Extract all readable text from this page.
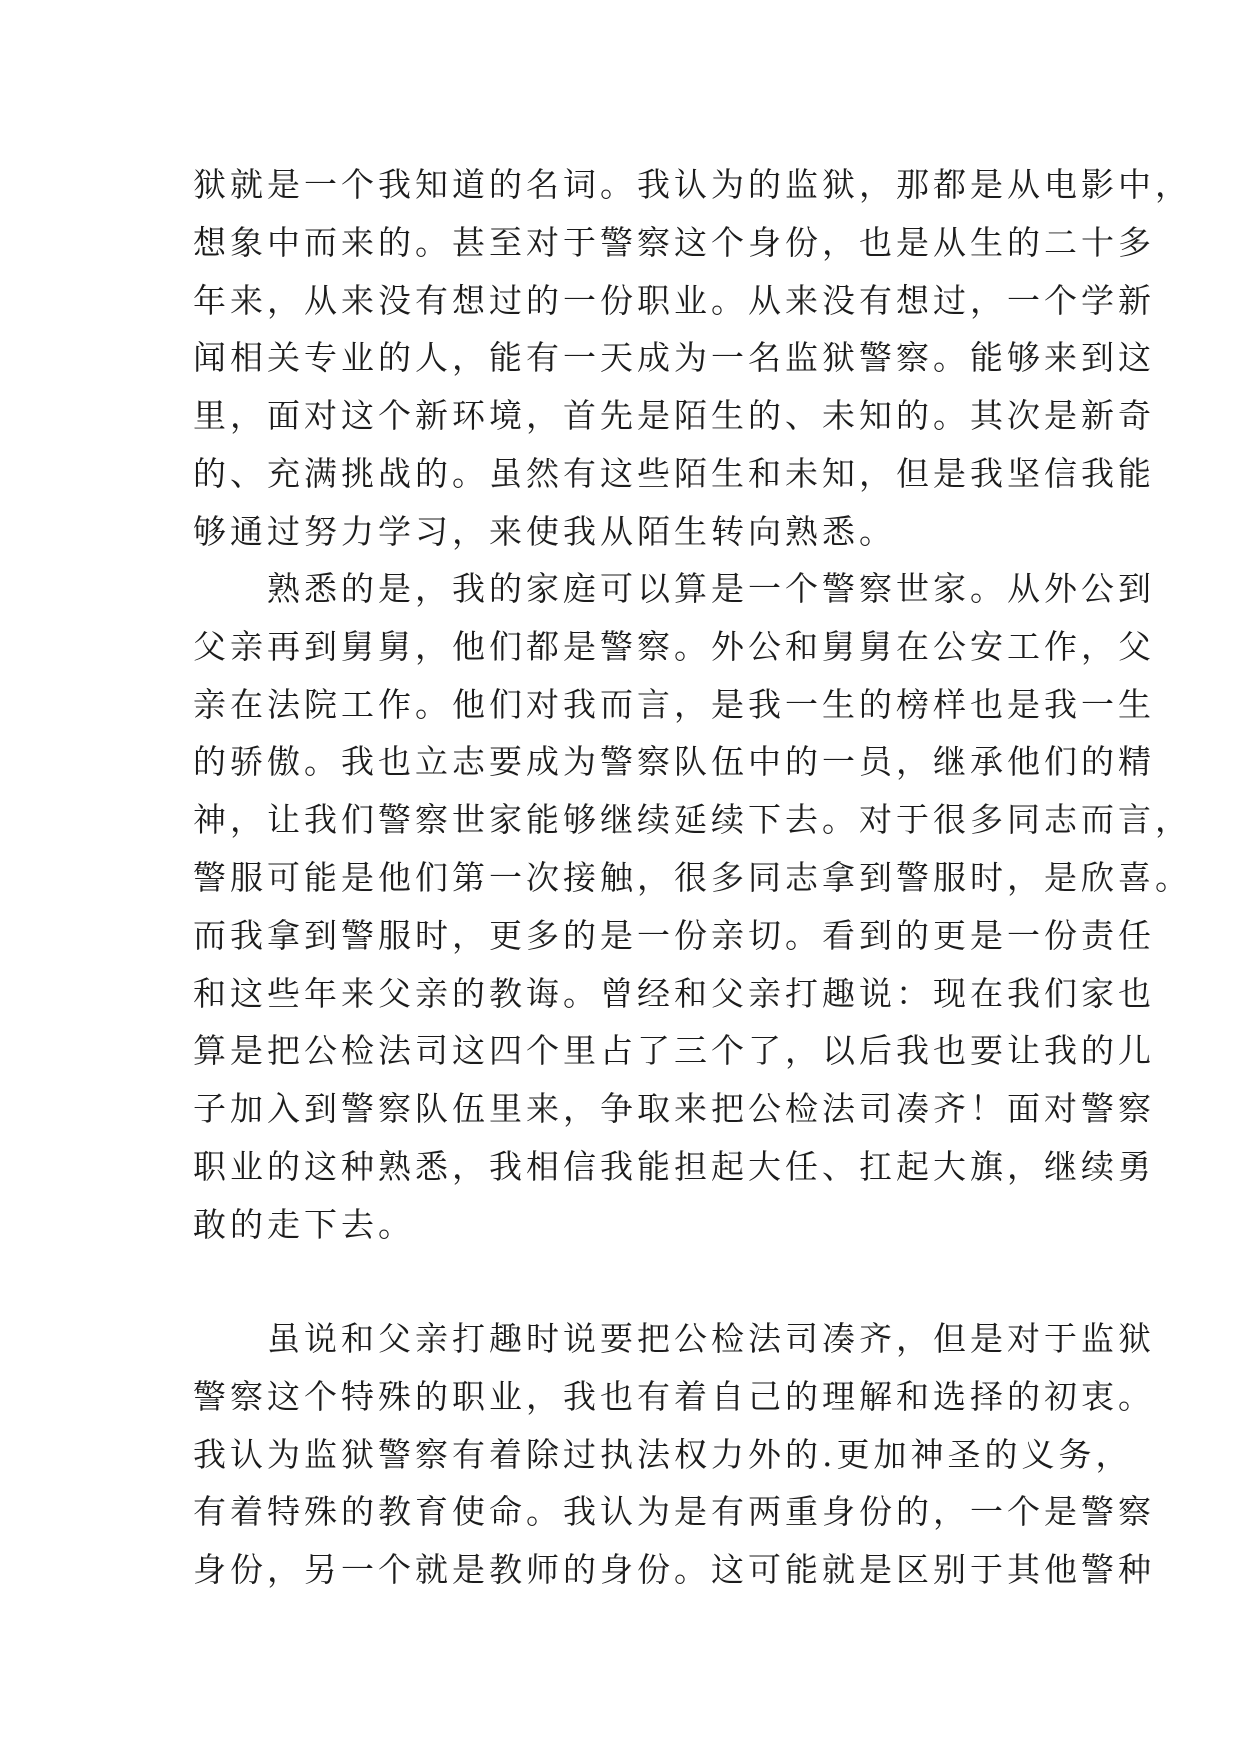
狱就是一个我知道的名词。我认为的监狱，那都是从电影中，
想象中而来的。甚至对于警察这个身份，也是从生的二十多
年来，从来没有想过的一份职业。从来没有想过，一个学新
闻相关专业的人，能有一天成为一名监狱警察。能够来到这
里，面对这个新环境，首先是陌生的、未知的。其次是新奇
的、充满挑战的。虽然有这些陌生和未知，但是我坚信我能
够通过努力学习，来使我从陌生转向熟悉。
熟悉的是，我的家庭可以算是一个警察世家。从外公到
父亲再到舅舅，他们都是警察。外公和舅舅在公安工作，父
亲在法院工作。他们对我而言，是我一生的榜样也是我一生
的骄傲。我也立志要成为警察队伍中的一员，继承他们的精
神，让我们警察世家能够继续延续下去。对于很多同志而言，
警服可能是他们第一次接触，很多同志拿到警服时，是欣喜。
而我拿到警服时，更多的是一份亲切。看到的更是一份责任
和这些年来父亲的教诲。曾经和父亲打趣说：现在我们家也
算是把公检法司这四个里占了三个了，以后我也要让我的儿
子加入到警察队伍里来，争取来把公检法司凑齐！面对警察
职业的这种熟悉，我相信我能担起大任、扛起大旗，继续勇
敢的走下去。
虽说和父亲打趣时说要把公检法司凑齐，但是对于监狱
警察这个特殊的职业，我也有着自己的理解和选择的初衷。
我认为监狱警察有着除过执法权力外的.更加神圣的义务，
有着特殊的教育使命。我认为是有两重身份的，一个是警察
身份，另一个就是教师的身份。这可能就是区别于其他警种
